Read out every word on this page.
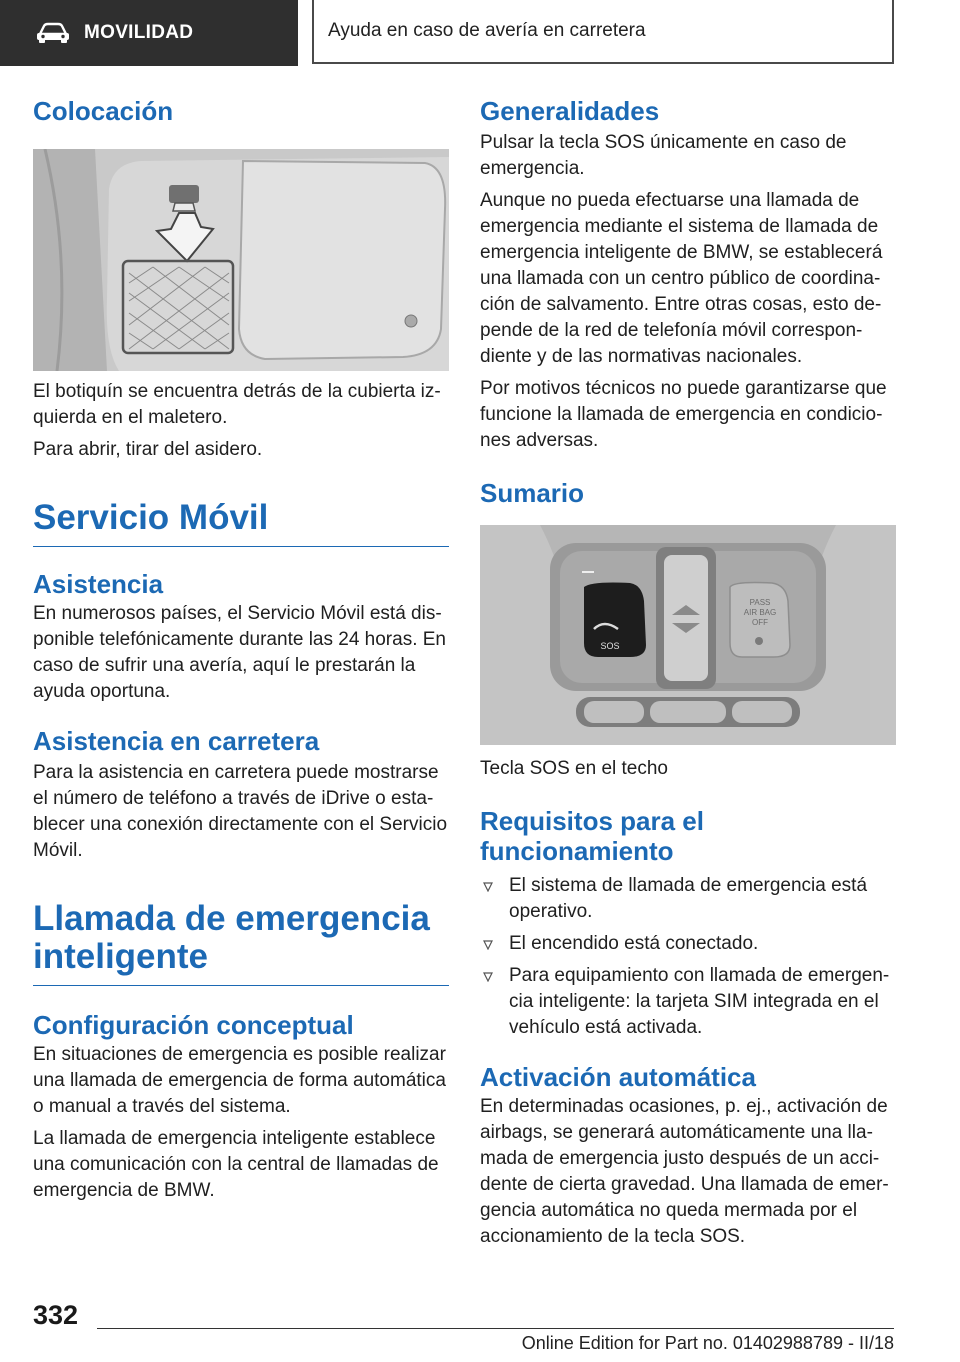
MOVILIDAD	Ayuda en caso de avería en carretera
Colocación

El botiquín se encuentra detrás de la cubierta izquierda en el maletero.

Para abrir, tirar del asidero.

Servicio Móvil
Asistencia

En numerosos países, el Servicio Móvil está disponible telefónicamente durante las 24 horas. En caso de sufrir una avería, aquí le prestarán la ayuda oportuna.

Asistencia en carretera

Para la asistencia en carretera puede mostrarse el número de teléfono a través de iDrive o establecer una conexión directamente con el Servicio Móvil.

Llamada de emergencia inteligente
Configuración conceptual

En situaciones de emergencia es posible realizar una llamada de emergencia de forma automática o manual a través del sistema.

La llamada de emergencia inteligente establece una comunicación con la central de llamadas de emergencia de BMW.

Generalidades

Pulsar la tecla SOS únicamente en caso de emergencia.

Aunque no pueda efectuarse una llamada de emergencia mediante el sistema de llamada de emergencia inteligente de BMW, se establecerá una llamada con un centro público de coordinación de salvamento. Entre otras cosas, esto depende de la red de telefonía móvil correspondiente y de las normativas nacionales.

Por motivos técnicos no puede garantizarse que funcione la llamada de emergencia en condiciones adversas.

Sumario
SOS
PASS
AIR BAG
OFF

Tecla SOS en el techo

Requisitos para el funcionamiento
El sistema de llamada de emergencia está operativo.
El encendido está conectado.
Para equipamiento con llamada de emergencia inteligente: la tarjeta SIM integrada en el vehículo está activada.
Activación automática

En determinadas ocasiones, p. ej., activación de airbags, se generará automáticamente una llamada de emergencia justo después de un accidente de cierta gravedad. Una llamada de emergencia automática no queda mermada por el accionamiento de la tecla SOS.

332
Online Edition for Part no. 01402988789 - II/18
